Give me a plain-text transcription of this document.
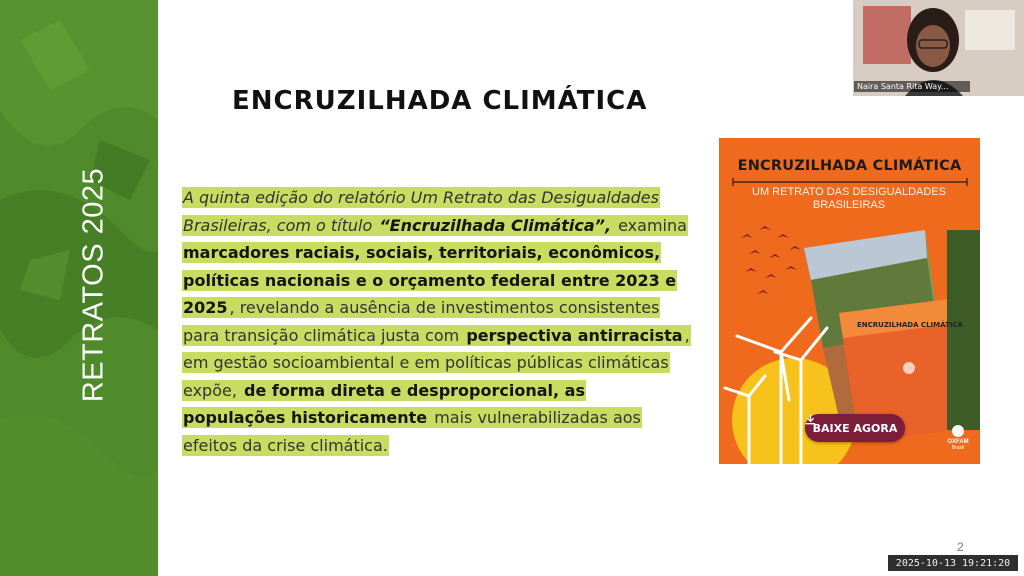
RETRATOS 2025
ENCRUZILHADA CLIMÁTICA
A quinta edição do relatório Um Retrato das Desigualdades Brasileiras, com o título “Encruzilhada Climática”, examina marcadores raciais, sociais, territoriais, econômicos, políticas nacionais e o orçamento federal entre 2023 e 2025 , revelando a ausência de investimentos consistentes para transição climática justa com perspectiva antirracista , em gestão socioambiental e em políticas públicas climáticas expõe, de forma direta e desproporcional, as populações historicamente mais vulnerabilizadas aos efeitos da crise climática.
ENCRUZILHADA CLIMÁTICA
UM RETRATO DAS DESIGUALDADES BRASILEIRAS
ENCRUZILHADA CLIMÁTICA
BAIXE AGORA
OXFAM
Brasil
Naira Santa Rita Way...
2
2025-10-13 19:21:20
